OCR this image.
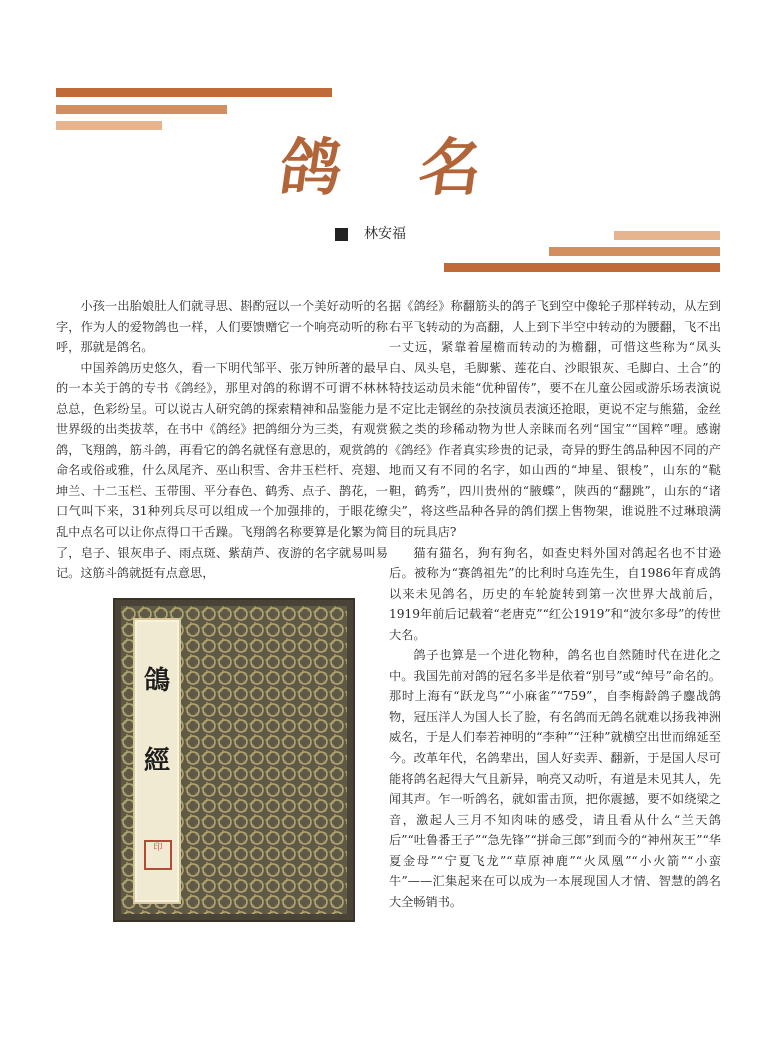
鸽 名
林安福

小孩一出胎娘肚人们就寻思、斟酌冠以一个美好动听的名字，作为人的爱物鸽也一样，人们要馈赠它一个响亮动听的称呼，那就是鸽名。

中国养鸽历史悠久，看一下明代邹平、张万钟所著的最早的一本关于鸽的专书《鸽经》，那里对鸽的称谓不可谓不林林总总，色彩纷呈。可以说古人研究鸽的探索精神和品鉴能力是世界级的出类拔萃，在书中《鸽经》把鸽细分为三类，有观赏鸽，飞翔鸽，筋斗鸽，再看它的鸽名就怪有意思的，观赏鸽的命名或俗或雅，什么凤尾齐、巫山积雪、舍井玉栏杆、亮翅、坤兰、十二玉栏、玉带围、平分春色、鹤秀、点子、鹊花，一口气叫下来，31种列兵尽可以组成一个加强排的，于眼花缭乱中点名可以让你点得口干舌躁。飞翔鸽名称要算是化繁为简了，皂子、银灰串子、雨点斑、紫葫芦、夜游的名字就易叫易记。这筋斗鸽就挺有点意思，

鴿
經
印

据《鸽经》称翻筋头的鸽子飞到空中像轮子那样转动，从左到右平飞转动的为高翻，人上到下半空中转动的为腰翻，飞不出一丈远，紧靠着屋檐而转动的为檐翻，可惜这些称为“凤头白、凤头皂，毛脚紫、莲花白、沙眼银灰、毛脚白、土合”的特技运动员未能“优种留传”，要不在儿童公园或游乐场表演说不定比走钢丝的杂技演员表演还抢眼，更说不定与熊猫，金丝猴之类的珍稀动物为世人亲睐而名列“国宝”“国粹”哩。感谢《鸽经》作者真实珍贵的记录，奇异的野生鸽品种因不同的产地而又有不同的名字，如山西的“坤星、银梭”，山东的“鞑靼，鹤秀”，四川贵州的“腋蝶”，陕西的“翻跳”，山东的“诸尖”，将这些品种各异的鸽们摆上售物架，谁说胜不过琳琅满目的玩具店?

猫有猫名，狗有狗名，如查史料外国对鸽起名也不甘逊后。被称为“赛鸽祖先”的比利时乌连先生，自1986年育成鸽以来未见鸽名，历史的车轮旋转到第一次世界大战前后，1919年前后记载着“老唐克”“红公1919”和“波尔多母”的传世大名。

鸽子也算是一个进化物种，鸽名也自然随时代在进化之中。我国先前对鸽的冠名多半是依着“别号”或“绰号”命名的。那时上海有“跃龙鸟”“小麻雀”“759”，自李梅龄鸽子鏖战鸽物，冠压洋人为国人长了脸，有名鸽而无鸽名就难以扬我神洲威名，于是人们奉若神明的“李种”“汪种”就横空出世而绵延至今。改革年代，名鸽辈出，国人好卖弄、翻新，于是国人尽可能将鸽名起得大气且新异，响亮又动听，有道是未见其人，先闻其声。乍一听鸽名，就如雷击顶，把你震撼，要不如绕梁之音，激起人三月不知肉味的感受，请且看从什么“兰天鸽后”“吐鲁番王子”“急先锋”“拼命三郎”到而今的“神州灰王”“华夏金母”“宁夏飞龙”“草原神鹿”“火凤凰”“小火箭”“小蛮牛”——汇集起来在可以成为一本展现国人才情、智慧的鸽名大全畅销书。
